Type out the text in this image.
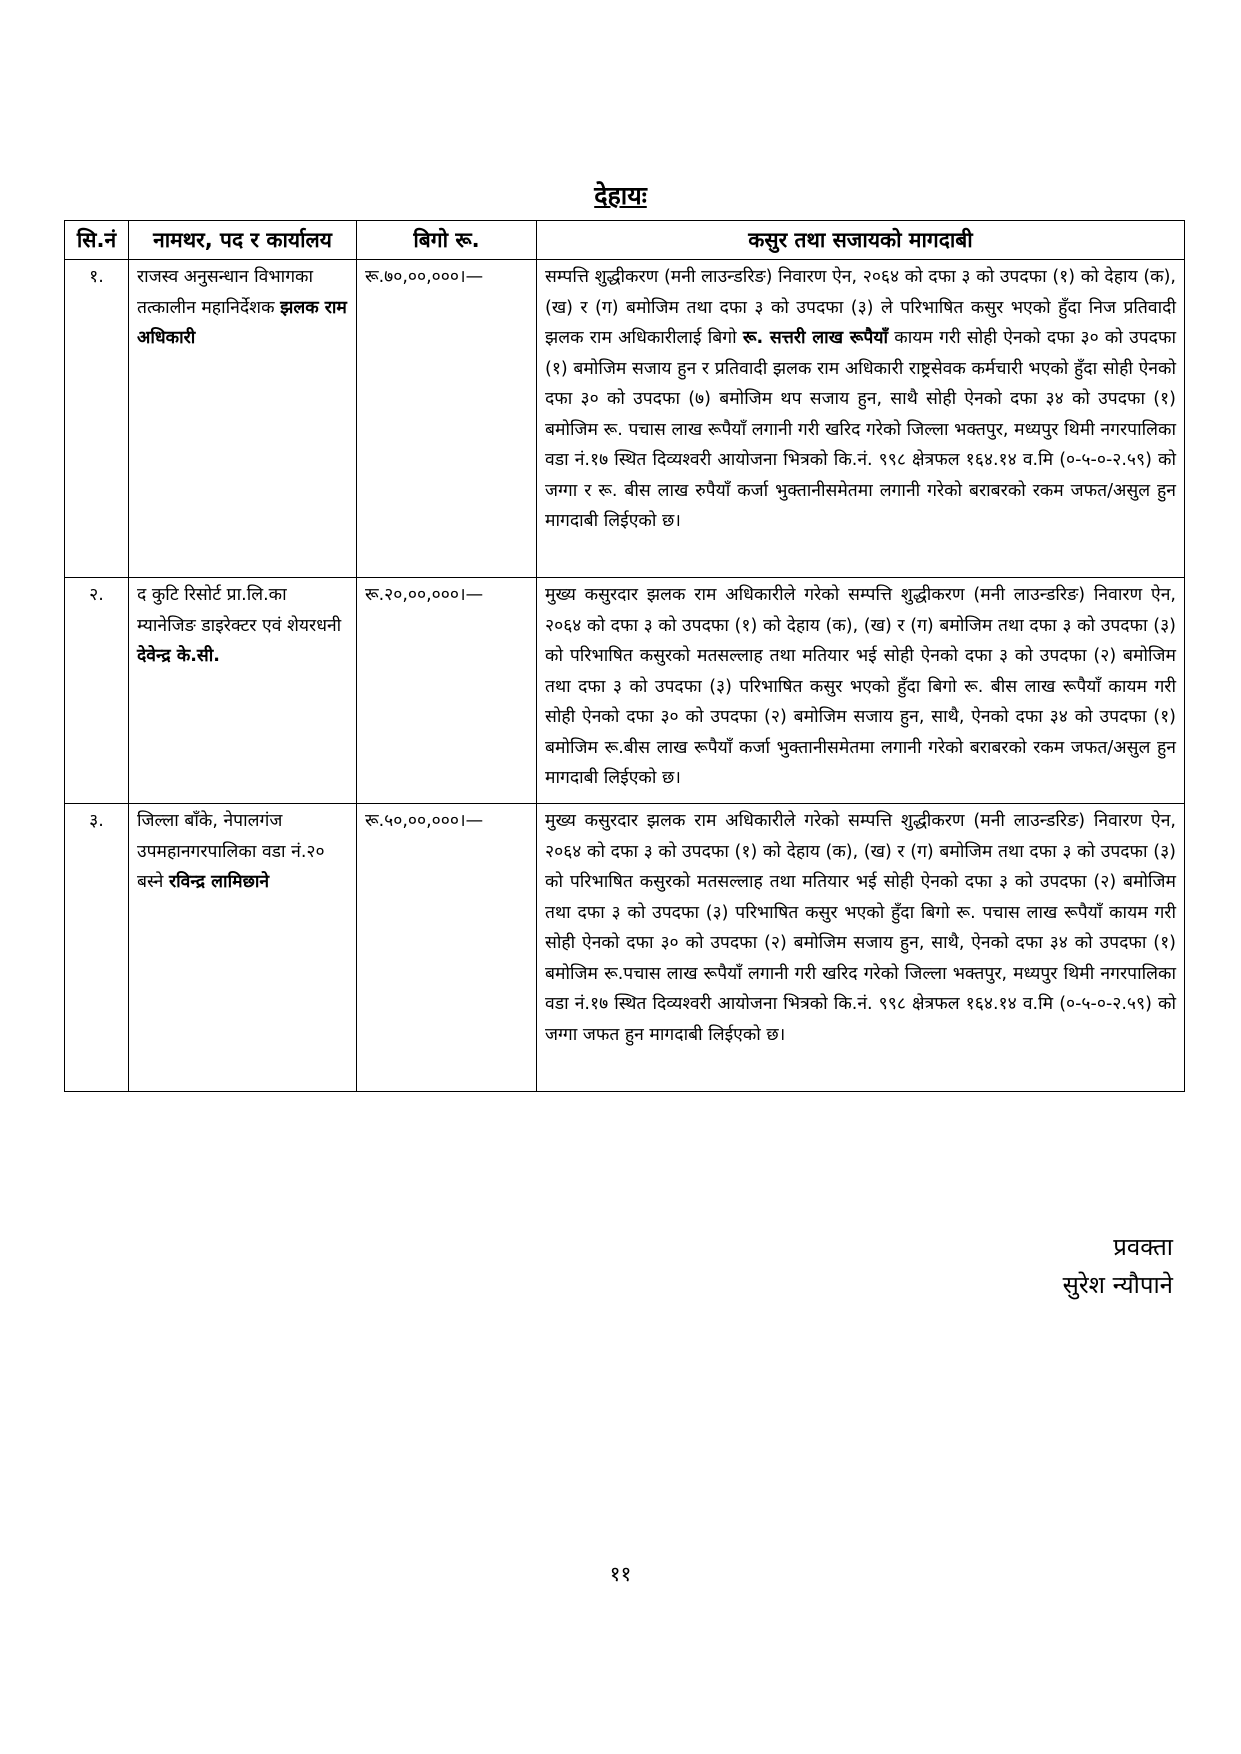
देहायः
सि.नं	नामथर, पद र कार्यालय	बिगो रू.	कसुर तथा सजायको मागदाबी
१.	राजस्व अनुसन्धान विभागका तत्कालीन महानिर्देशक झलक राम अधिकारी	रू.७०,००,०००।—	सम्पत्ति शुद्धीकरण (मनी लाउन्डरिङ) निवारण ऐन, २०६४ को दफा ३ को उपदफा (१) को देहाय (क), (ख) र (ग) बमोजिम तथा दफा ३ को उपदफा (३) ले परिभाषित कसुर भएको हुँदा निज प्रतिवादी झलक राम अधिकारीलाई बिगो रू. सत्तरी लाख रूपैयाँ कायम गरी सोही ऐनको दफा ३० को उपदफा (१) बमोजिम सजाय हुन र प्रतिवादी झलक राम अधिकारी राष्ट्रसेवक कर्मचारी भएको हुँदा सोही ऐनको दफा ३० को उपदफा (७) बमोजिम थप सजाय हुन, साथै सोही ऐनको दफा ३४ को उपदफा (१) बमोजिम रू. पचास लाख रूपैयाँ लगानी गरी खरिद गरेको जिल्ला भक्तपुर, मध्यपुर थिमी नगरपालिका वडा नं.१७ स्थित दिव्यश्वरी आयोजना भित्रको कि.नं. ९९८ क्षेत्रफल १६४.१४ व.मि (०-५-०-२.५९) को जग्गा र रू. बीस लाख रुपैयाँ कर्जा भुक्तानीसमेतमा लगानी गरेको बराबरको रकम जफत/असुल हुन मागदाबी लिईएको छ।
२.	द कुटि रिसोर्ट प्रा.लि.का म्यानेजिङ डाइरेक्टर एवं शेयरधनी देवेन्द्र के.सी.	रू.२०,००,०००।—	मुख्य कसुरदार झलक राम अधिकारीले गरेको सम्पत्ति शुद्धीकरण (मनी लाउन्डरिङ) निवारण ऐन, २०६४ को दफा ३ को उपदफा (१) को देहाय (क), (ख) र (ग) बमोजिम तथा दफा ३ को उपदफा (३) को परिभाषित कसुरको मतसल्लाह तथा मतियार भई सोही ऐनको दफा ३ को उपदफा (२) बमोजिम तथा दफा ३ को उपदफा (३) परिभाषित कसुर भएको हुँदा बिगो रू. बीस लाख रूपैयाँ कायम गरी सोही ऐनको दफा ३० को उपदफा (२) बमोजिम सजाय हुन, साथै, ऐनको दफा ३४ को उपदफा (१) बमोजिम रू.बीस लाख रूपैयाँ कर्जा भुक्तानीसमेतमा लगानी गरेको बराबरको रकम जफत/असुल हुन मागदाबी लिईएको छ।
३.	जिल्ला बाँके, नेपालगंज उपमहानगरपालिका वडा नं.२० बस्ने रविन्द्र लामिछाने	रू.५०,००,०००।—	मुख्य कसुरदार झलक राम अधिकारीले गरेको सम्पत्ति शुद्धीकरण (मनी लाउन्डरिङ) निवारण ऐन, २०६४ को दफा ३ को उपदफा (१) को देहाय (क), (ख) र (ग) बमोजिम तथा दफा ३ को उपदफा (३) को परिभाषित कसुरको मतसल्लाह तथा मतियार भई सोही ऐनको दफा ३ को उपदफा (२) बमोजिम तथा दफा ३ को उपदफा (३) परिभाषित कसुर भएको हुँदा बिगो रू. पचास लाख रूपैयाँ कायम गरी सोही ऐनको दफा ३० को उपदफा (२) बमोजिम सजाय हुन, साथै, ऐनको दफा ३४ को उपदफा (१) बमोजिम रू.पचास लाख रूपैयाँ लगानी गरी खरिद गरेको जिल्ला भक्तपुर, मध्यपुर थिमी नगरपालिका वडा नं.१७ स्थित दिव्यश्वरी आयोजना भित्रको कि.नं. ९९८ क्षेत्रफल १६४.१४ व.मि (०-५-०-२.५९) को जग्गा जफत हुन मागदाबी लिईएको छ।
प्रवक्ता
सुरेश न्यौपाने
११
